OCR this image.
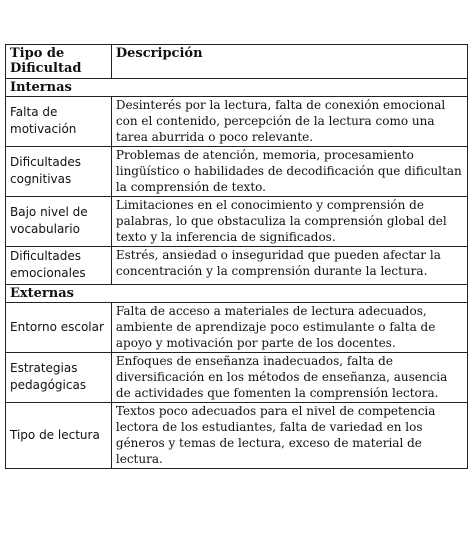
Tipo de Dificultad	Descripción
Internas	
Falta de motivación	Desinterés por la lectura, falta de conexión emocional con el contenido, percepción de la lectura como una tarea aburrida o poco relevante.
Dificultades cognitivas	Problemas de atención, memoria, procesamiento lingüístico o habilidades de decodificación que dificultan la comprensión de texto.
Bajo nivel de vocabulario	Limitaciones en el conocimiento y comprensión de palabras, lo que obstaculiza la comprensión global del texto y la inferencia de significados.
Dificultades emocionales	Estrés, ansiedad o inseguridad que pueden afectar la concentración y la comprensión durante la lectura.
Externas	
Entorno escolar	Falta de acceso a materiales de lectura adecuados, ambiente de aprendizaje poco estimulante o falta de apoyo y motivación por parte de los docentes.
Estrategias pedagógicas	Enfoques de enseñanza inadecuados, falta de diversificación en los métodos de enseñanza, ausencia de actividades que fomenten la comprensión lectora.
Tipo de lectura	Textos poco adecuados para el nivel de competencia lectora de los estudiantes, falta de variedad en los géneros y temas de lectura, exceso de material de lectura.
